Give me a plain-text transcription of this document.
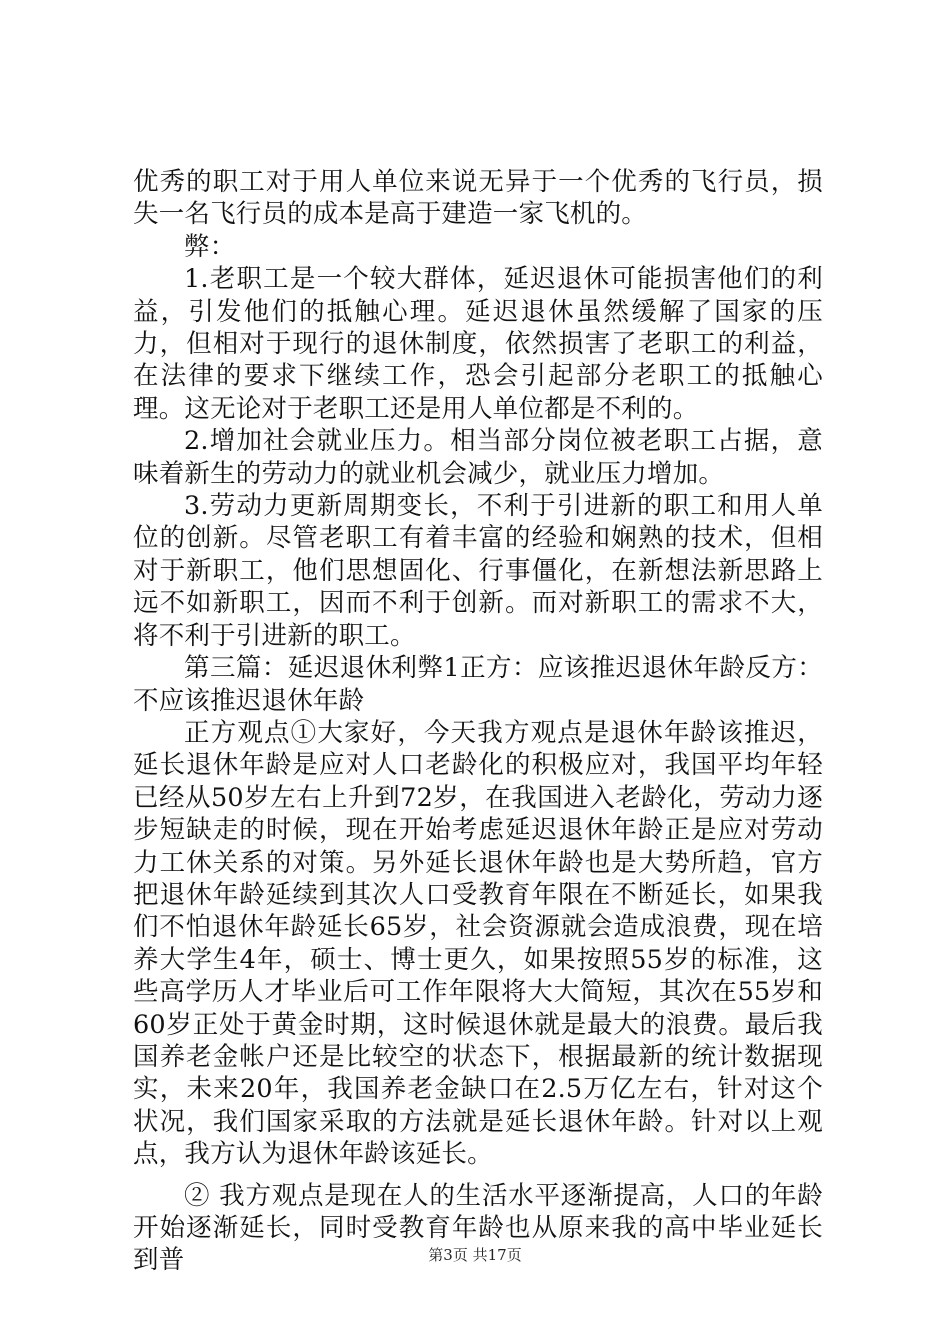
优秀的职工对于用人单位来说无异于一个优秀的飞行员，损失一名飞行员的成本是高于建造一家飞机的。

弊：

1.老职工是一个较大群体，延迟退休可能损害他们的利益，引发他们的抵触心理。延迟退休虽然缓解了国家的压力，但相对于现行的退休制度，依然损害了老职工的利益，在法律的要求下继续工作，恐会引起部分老职工的抵触心理。这无论对于老职工还是用人单位都是不利的。

2.增加社会就业压力。相当部分岗位被老职工占据，意味着新生的劳动力的就业机会减少，就业压力增加。

3.劳动力更新周期变长，不利于引进新的职工和用人单位的创新。尽管老职工有着丰富的经验和娴熟的技术，但相对于新职工，他们思想固化、行事僵化，在新想法新思路上远不如新职工，因而不利于创新。而对新职工的需求不大，将不利于引进新的职工。

第三篇：延迟退休利弊1正方：应该推迟退休年龄反方：不应该推迟退休年龄

正方观点①大家好，今天我方观点是退休年龄该推迟，延长退休年龄是应对人口老龄化的积极应对，我国平均年轻已经从50岁左右上升到72岁，在我国进入老龄化，劳动力逐步短缺走的时候，现在开始考虑延迟退休年龄正是应对劳动力工休关系的对策。另外延长退休年龄也是大势所趋，官方把退休年龄延续到其次人口受教育年限在不断延长，如果我们不怕退休年龄延长65岁，社会资源就会造成浪费，现在培养大学生4年，硕士、博士更久，如果按照55岁的标准，这些高学历人才毕业后可工作年限将大大简短，其次在55岁和60岁正处于黄金时期，这时候退休就是最大的浪费。最后我国养老金帐户还是比较空的状态下，根据最新的统计数据现实，未来20年，我国养老金缺口在2.5万亿左右，针对这个状况，我们国家采取的方法就是延长退休年龄。针对以上观点，我方认为退休年龄该延长。

② 我方观点是现在人的生活水平逐渐提高，人口的年龄开始逐渐延长，同时受教育年龄也从原来我的高中毕业延长到普	第3页 共17页
